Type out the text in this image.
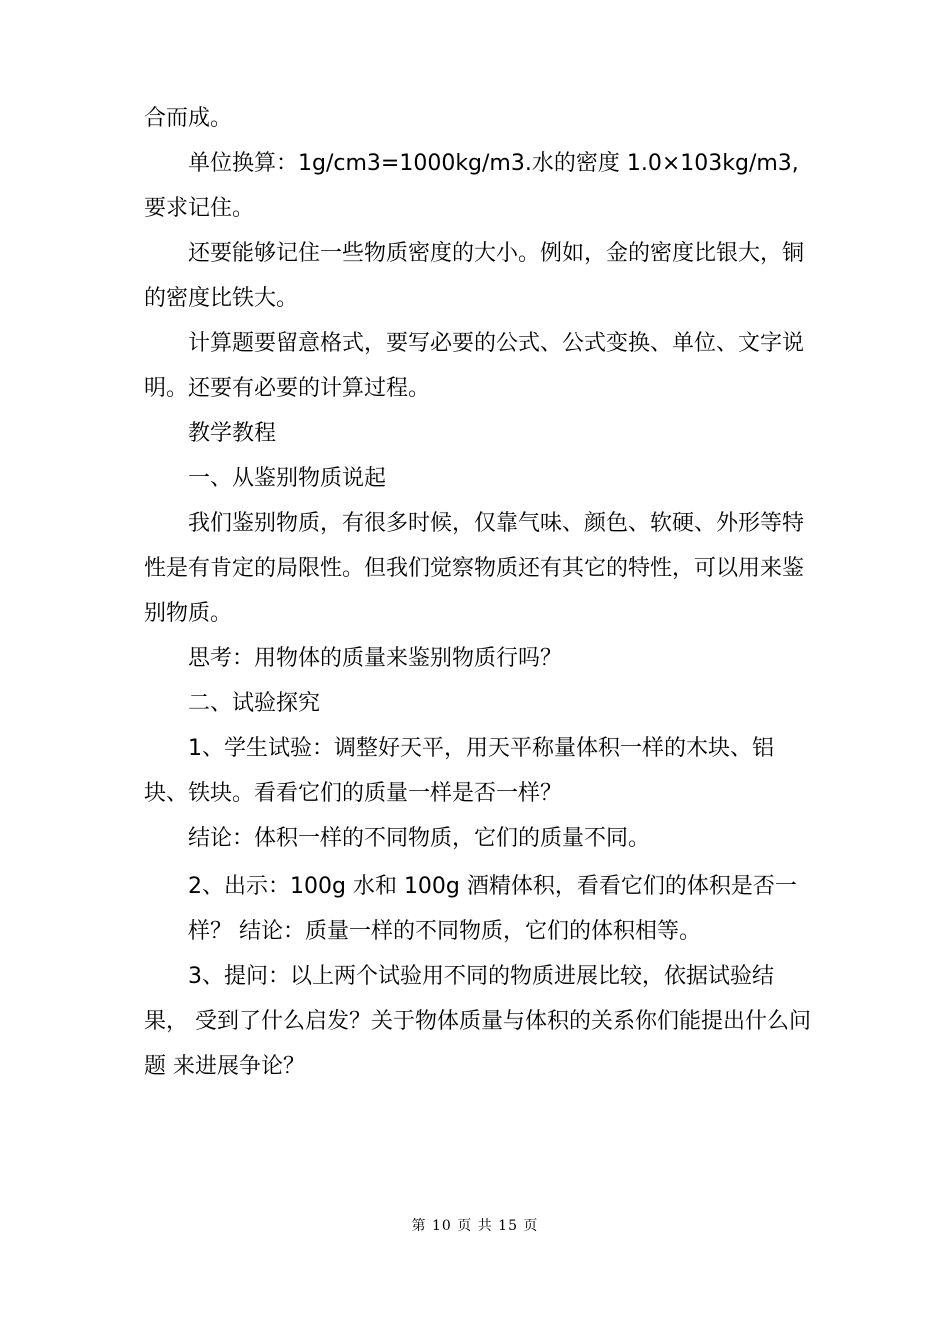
合而成。
单位换算：1g/cm3=1000kg/m3.水的密度 1.0×103kg/m3,
要求记住。
还要能够记住一些物质密度的大小。例如，金的密度比银大，铜
的密度比铁大。
计算题要留意格式，要写必要的公式、公式变换、单位、文字说
明。还要有必要的计算过程。
教学教程
一、从鉴别物质说起
我们鉴别物质，有很多时候，仅靠气味、颜色、软硬、外形等特
性是有肯定的局限性。但我们觉察物质还有其它的特性，可以用来鉴
别物质。
思考：用物体的质量来鉴别物质行吗？
二、试验探究
1、学生试验：调整好天平，用天平称量体积一样的木块、铝
块、铁块。看看它们的质量一样是否一样？
结论：体积一样的不同物质，它们的质量不同。
2、出示：100g 水和 100g 酒精体积，看看它们的体积是否一
样？ 结论：质量一样的不同物质，它们的体积相等。
3、提问：以上两个试验用不同的物质进展比较，依据试验结
果， 受到了什么启发？关于物体质量与体积的关系你们能提出什么问
题 来进展争论？
第 10 页 共 15 页
